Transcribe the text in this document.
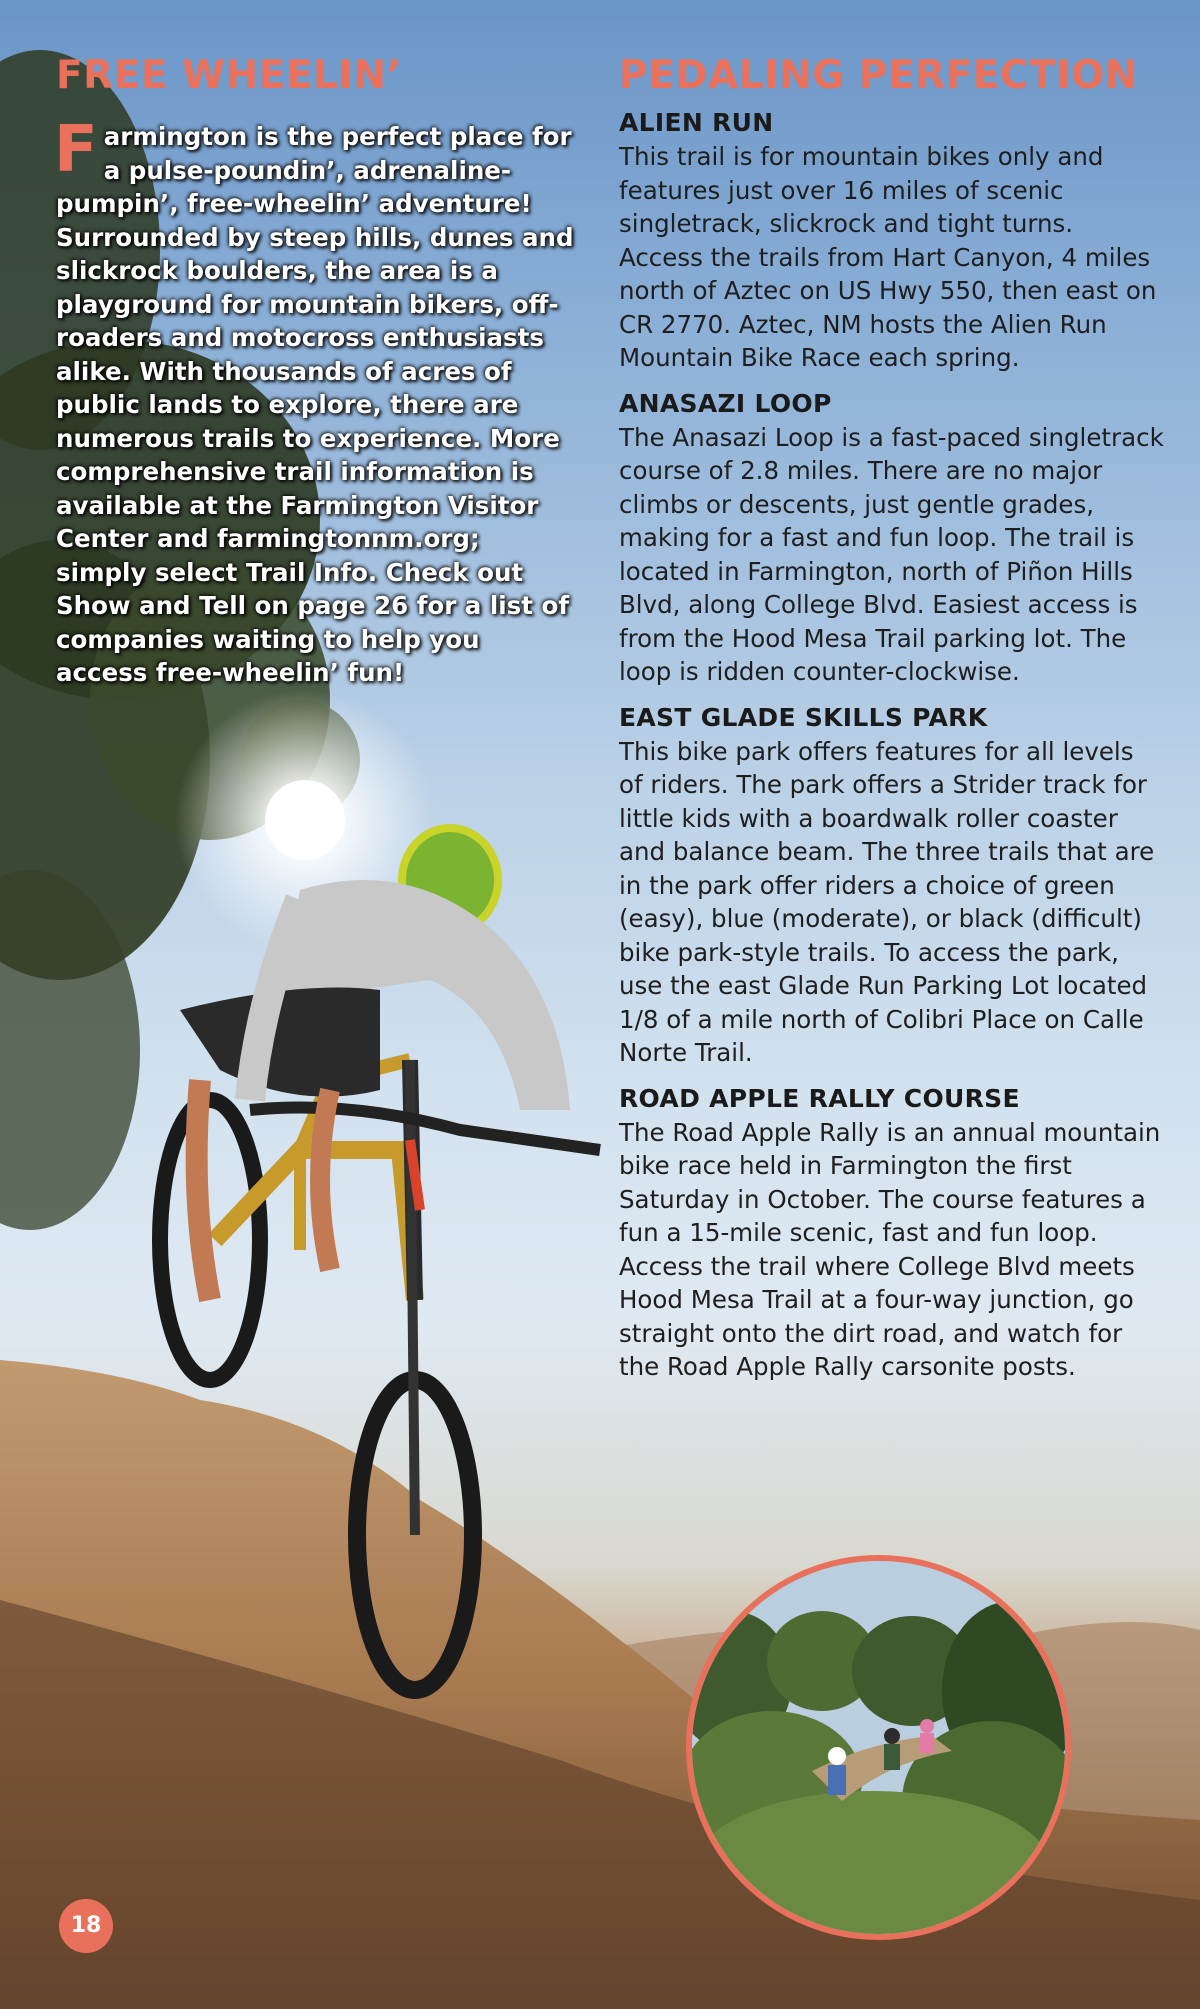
FREE WHEELIN’

Farmington is the perfect place for a pulse-poundin’, adrenaline-pumpin’, free-wheelin’ adventure! Surrounded by steep hills, dunes and slickrock boulders, the area is a playground for mountain bikers, off-roaders and motocross enthusiasts alike. With thousands of acres of public lands to explore, there are numerous trails to experience. More comprehensive trail information is available at the Farmington Visitor Center and farmingtonnm.org; simply select Trail Info. Check out Show and Tell on page 26 for a list of companies waiting to help you access free-wheelin’ fun!

PEDALING PERFECTION
ALIEN RUN

This trail is for mountain bikes only and features just over 16 miles of scenic singletrack, slickrock and tight turns. Access the trails from Hart Canyon, 4 miles north of Aztec on US Hwy 550, then east on CR 2770. Aztec, NM hosts the Alien Run Mountain Bike Race each spring.

ANASAZI LOOP

The Anasazi Loop is a fast-paced singletrack course of 2.8 miles. There are no major climbs or descents, just gentle grades, making for a fast and fun loop. The trail is located in Farmington, north of Piñon Hills Blvd, along College Blvd. Easiest access is from the Hood Mesa Trail parking lot. The loop is ridden counter-clockwise.

EAST GLADE SKILLS PARK

This bike park offers features for all levels of riders. The park offers a Strider track for little kids with a boardwalk roller coaster and balance beam. The three trails that are in the park offer riders a choice of green (easy), blue (moderate), or black (difficult) bike park-style trails. To access the park, use the east Glade Run Parking Lot located 1/8 of a mile north of Colibri Place on Calle Norte Trail.

ROAD APPLE RALLY COURSE

The Road Apple Rally is an annual mountain bike race held in Farmington the first Saturday in October. The course features a fun a 15-mile scenic, fast and fun loop. Access the trail where College Blvd meets Hood Mesa Trail at a four-way junction, go straight onto the dirt road, and watch for the Road Apple Rally carsonite posts.

18
